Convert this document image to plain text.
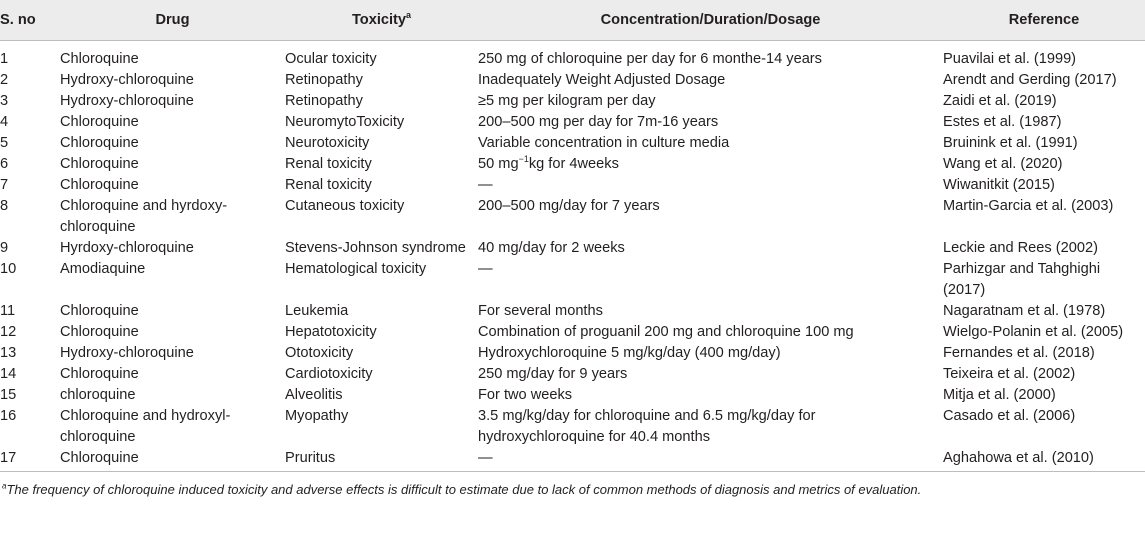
S. no	Drug	Toxicity$^a$	Concentration/Duration/Dosage	Reference
1	Chloroquine	Ocular toxicity	250 mg of chloroquine per day for 6 monthe-14 years	Puavilai et al. (1999)
2	Hydroxy-chloroquine	Retinopathy	Inadequately Weight Adjusted Dosage	Arendt and Gerding (2017)
3	Hydroxy-chloroquine	Retinopathy	≥5 mg per kilogram per day	Zaidi et al. (2019)
4	Chloroquine	NeuromytoToxicity	200–500 mg per day for 7m-16 years	Estes et al. (1987)
5	Chloroquine	Neurotoxicity	Variable concentration in culture media	Bruinink et al. (1991)
6	Chloroquine	Renal toxicity	50 $mg^{-1}kg$ for 4weeks	Wang et al. (2020)
7	Chloroquine	Renal toxicity	—	Wiwanitkit (2015)
8	Chloroquine and hyrdoxy-chloroquine	Cutaneous toxicity	200–500 mg/day for 7 years	Martin-Garcia et al. (2003)
9	Hyrdoxy-chloroquine	Stevens-Johnson syndrome	40 mg/day for 2 weeks	Leckie and Rees (2002)
10	Amodiaquine	Hematological toxicity	—	Parhizgar and Tahghighi (2017)
11	Chloroquine	Leukemia	For several months	Nagaratnam et al. (1978)
12	Chloroquine	Hepatotoxicity	Combination of proguanil 200 mg and chloroquine 100 mg	Wielgo-Polanin et al. (2005)
13	Hydroxy-chloroquine	Ototoxicity	Hydroxychloroquine 5 mg/kg/day (400 mg/day)	Fernandes et al. (2018)
14	Chloroquine	Cardiotoxicity	250 mg/day for 9 years	Teixeira et al. (2002)
15	chloroquine	Alveolitis	For two weeks	Mitja et al. (2000)
16	Chloroquine and hydroxyl-chloroquine	Myopathy	3.5 mg/kg/day for chloroquine and 6.5 mg/kg/day for hydroxychloroquine for 40.4 months	Casado et al. (2006)
17	Chloroquine	Pruritus	—	Aghahowa et al. (2010)
$^a$The frequency of chloroquine induced toxicity and adverse effects is difficult to estimate due to lack of common methods of diagnosis and metrics of evaluation.
